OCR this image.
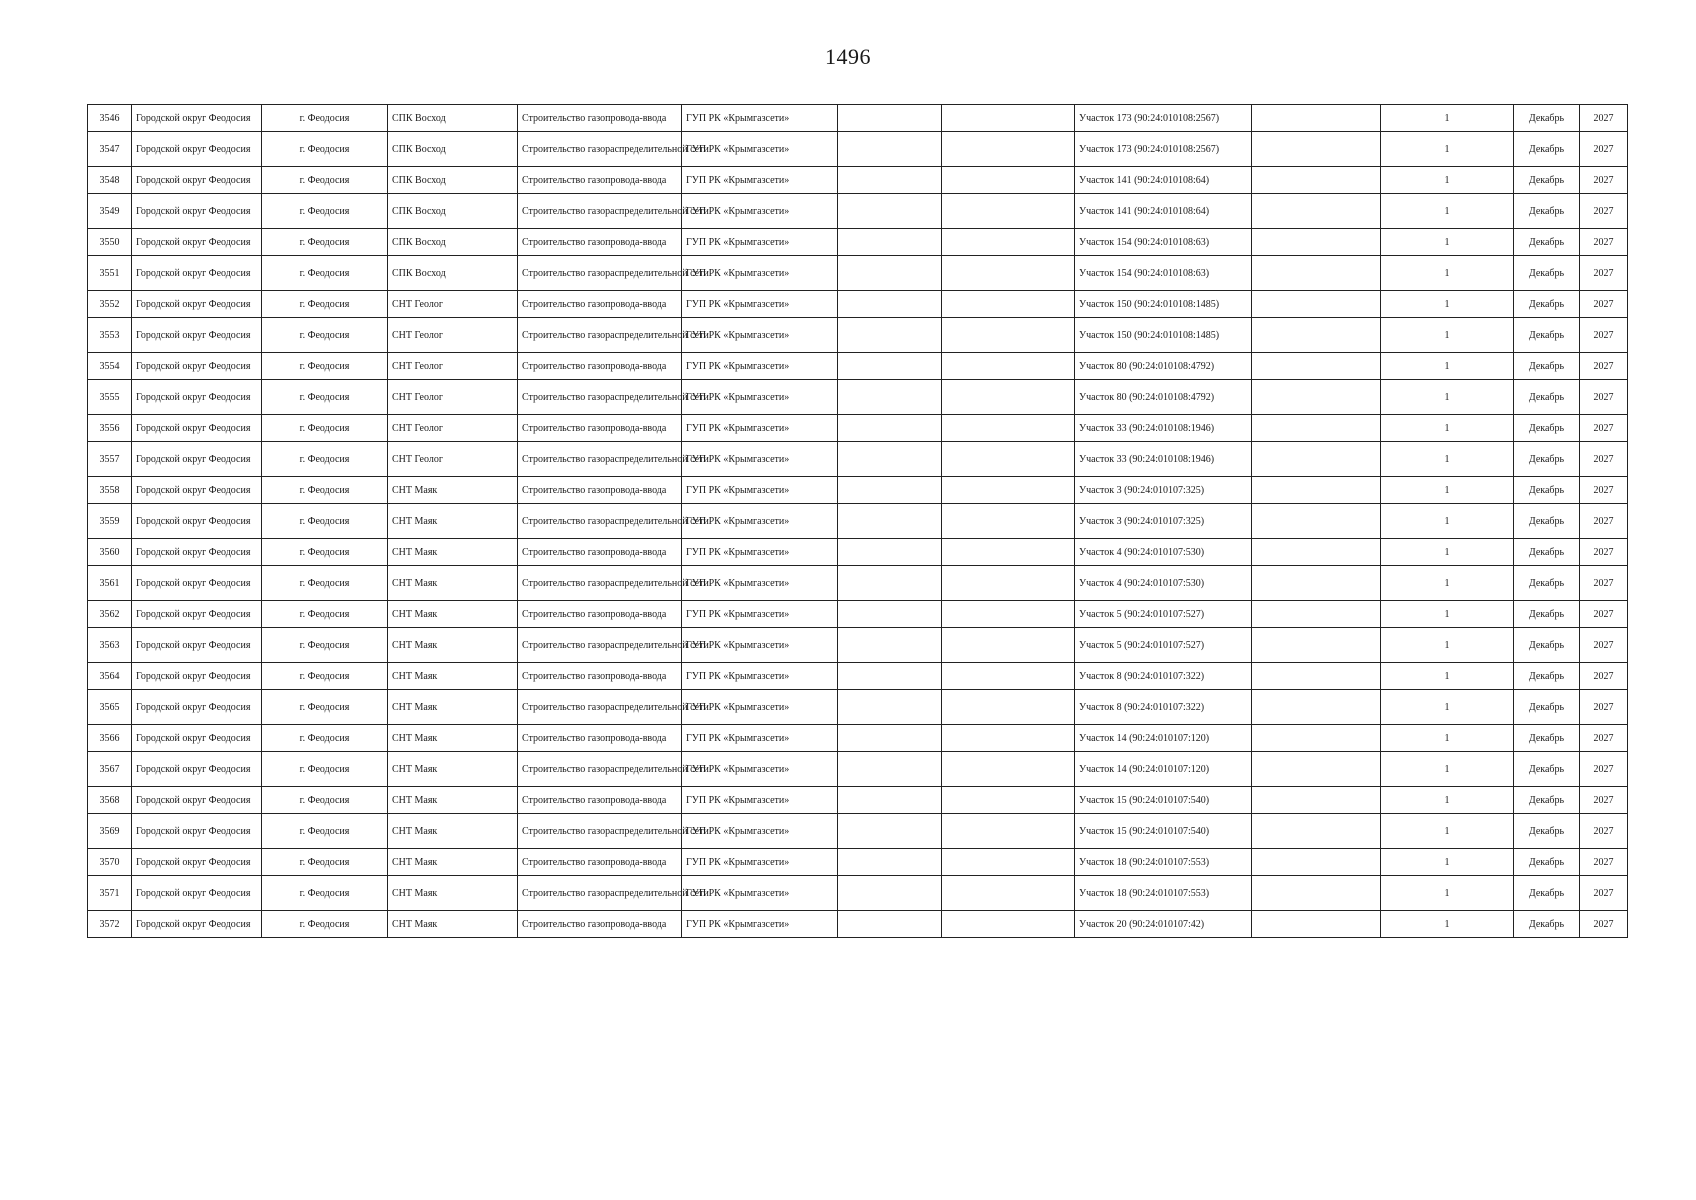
1496
3546	Городской округ Феодосия	г. Феодосия	СПК Восход	Строительство газопровода-ввода	ГУП РК «Крымгазсети»			Участок 173 (90:24:010108:2567)		1	Декабрь	2027
3547	Городской округ Феодосия	г. Феодосия	СПК Восход	Строительство газораспределительной сети	ГУП РК «Крымгазсети»			Участок 173 (90:24:010108:2567)		1	Декабрь	2027
3548	Городской округ Феодосия	г. Феодосия	СПК Восход	Строительство газопровода-ввода	ГУП РК «Крымгазсети»			Участок 141 (90:24:010108:64)		1	Декабрь	2027
3549	Городской округ Феодосия	г. Феодосия	СПК Восход	Строительство газораспределительной сети	ГУП РК «Крымгазсети»			Участок 141 (90:24:010108:64)		1	Декабрь	2027
3550	Городской округ Феодосия	г. Феодосия	СПК Восход	Строительство газопровода-ввода	ГУП РК «Крымгазсети»			Участок 154 (90:24:010108:63)		1	Декабрь	2027
3551	Городской округ Феодосия	г. Феодосия	СПК Восход	Строительство газораспределительной сети	ГУП РК «Крымгазсети»			Участок 154 (90:24:010108:63)		1	Декабрь	2027
3552	Городской округ Феодосия	г. Феодосия	СНТ Геолог	Строительство газопровода-ввода	ГУП РК «Крымгазсети»			Участок 150 (90:24:010108:1485)		1	Декабрь	2027
3553	Городской округ Феодосия	г. Феодосия	СНТ Геолог	Строительство газораспределительной сети	ГУП РК «Крымгазсети»			Участок 150 (90:24:010108:1485)		1	Декабрь	2027
3554	Городской округ Феодосия	г. Феодосия	СНТ Геолог	Строительство газопровода-ввода	ГУП РК «Крымгазсети»			Участок 80 (90:24:010108:4792)		1	Декабрь	2027
3555	Городской округ Феодосия	г. Феодосия	СНТ Геолог	Строительство газораспределительной сети	ГУП РК «Крымгазсети»			Участок 80 (90:24:010108:4792)		1	Декабрь	2027
3556	Городской округ Феодосия	г. Феодосия	СНТ Геолог	Строительство газопровода-ввода	ГУП РК «Крымгазсети»			Участок 33 (90:24:010108:1946)		1	Декабрь	2027
3557	Городской округ Феодосия	г. Феодосия	СНТ Геолог	Строительство газораспределительной сети	ГУП РК «Крымгазсети»			Участок 33 (90:24:010108:1946)		1	Декабрь	2027
3558	Городской округ Феодосия	г. Феодосия	СНТ Маяк	Строительство газопровода-ввода	ГУП РК «Крымгазсети»			Участок 3 (90:24:010107:325)		1	Декабрь	2027
3559	Городской округ Феодосия	г. Феодосия	СНТ Маяк	Строительство газораспределительной сети	ГУП РК «Крымгазсети»			Участок 3 (90:24:010107:325)		1	Декабрь	2027
3560	Городской округ Феодосия	г. Феодосия	СНТ Маяк	Строительство газопровода-ввода	ГУП РК «Крымгазсети»			Участок 4 (90:24:010107:530)		1	Декабрь	2027
3561	Городской округ Феодосия	г. Феодосия	СНТ Маяк	Строительство газораспределительной сети	ГУП РК «Крымгазсети»			Участок 4 (90:24:010107:530)		1	Декабрь	2027
3562	Городской округ Феодосия	г. Феодосия	СНТ Маяк	Строительство газопровода-ввода	ГУП РК «Крымгазсети»			Участок 5 (90:24:010107:527)		1	Декабрь	2027
3563	Городской округ Феодосия	г. Феодосия	СНТ Маяк	Строительство газораспределительной сети	ГУП РК «Крымгазсети»			Участок 5 (90:24:010107:527)		1	Декабрь	2027
3564	Городской округ Феодосия	г. Феодосия	СНТ Маяк	Строительство газопровода-ввода	ГУП РК «Крымгазсети»			Участок 8 (90:24:010107:322)		1	Декабрь	2027
3565	Городской округ Феодосия	г. Феодосия	СНТ Маяк	Строительство газораспределительной сети	ГУП РК «Крымгазсети»			Участок 8 (90:24:010107:322)		1	Декабрь	2027
3566	Городской округ Феодосия	г. Феодосия	СНТ Маяк	Строительство газопровода-ввода	ГУП РК «Крымгазсети»			Участок 14 (90:24:010107:120)		1	Декабрь	2027
3567	Городской округ Феодосия	г. Феодосия	СНТ Маяк	Строительство газораспределительной сети	ГУП РК «Крымгазсети»			Участок 14 (90:24:010107:120)		1	Декабрь	2027
3568	Городской округ Феодосия	г. Феодосия	СНТ Маяк	Строительство газопровода-ввода	ГУП РК «Крымгазсети»			Участок 15 (90:24:010107:540)		1	Декабрь	2027
3569	Городской округ Феодосия	г. Феодосия	СНТ Маяк	Строительство газораспределительной сети	ГУП РК «Крымгазсети»			Участок 15 (90:24:010107:540)		1	Декабрь	2027
3570	Городской округ Феодосия	г. Феодосия	СНТ Маяк	Строительство газопровода-ввода	ГУП РК «Крымгазсети»			Участок 18 (90:24:010107:553)		1	Декабрь	2027
3571	Городской округ Феодосия	г. Феодосия	СНТ Маяк	Строительство газораспределительной сети	ГУП РК «Крымгазсети»			Участок 18 (90:24:010107:553)		1	Декабрь	2027
3572	Городской округ Феодосия	г. Феодосия	СНТ Маяк	Строительство газопровода-ввода	ГУП РК «Крымгазсети»			Участок 20 (90:24:010107:42)		1	Декабрь	2027
